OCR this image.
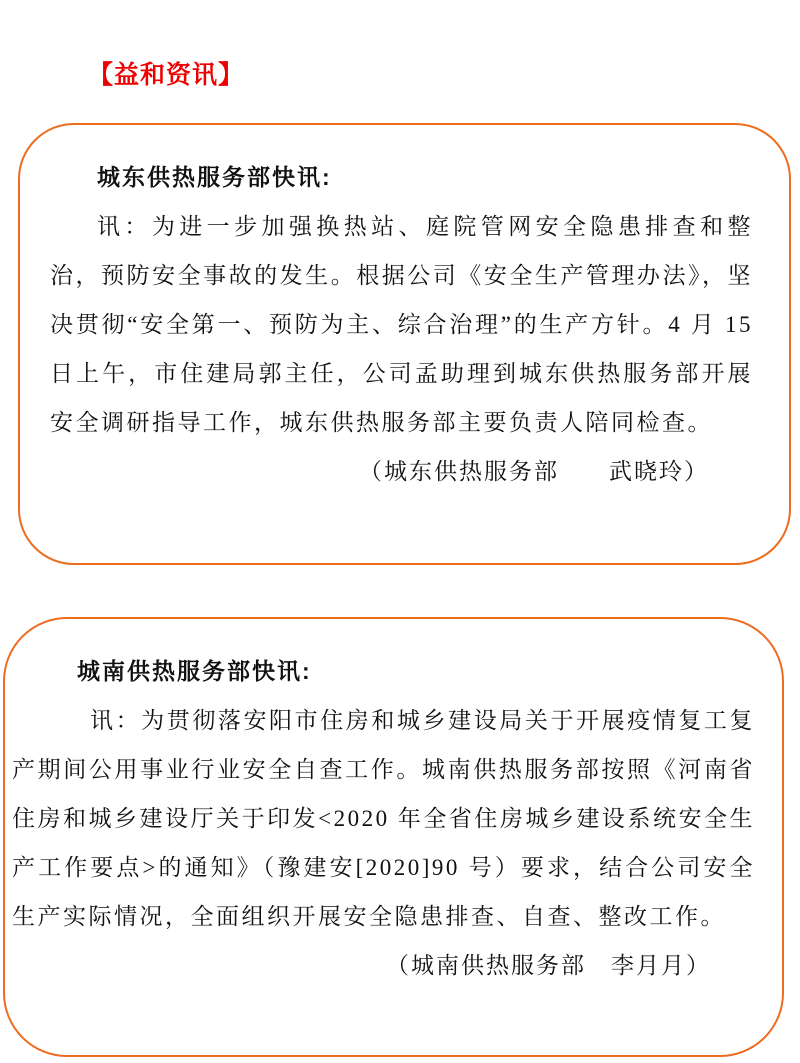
【益和资讯】
城东供热服务部快讯:

讯：为进一步加强换热站、庭院管网安全隐患排查和整治，预防安全事故的发生。根据公司《安全生产管理办法》，坚决贯彻“安全第一、预防为主、综合治理”的生产方针。4 月 15 日上午，市住建局郭主任，公司孟助理到城东供热服务部开展安全调研指导工作，城东供热服务部主要负责人陪同检查。

（城东供热服务部　　武晓玲）
城南供热服务部快讯:

讯：为贯彻落安阳市住房和城乡建设局关于开展疫情复工复产期间公用事业行业安全自查工作。城南供热服务部按照《河南省住房和城乡建设厅关于印发<2020 年全省住房城乡建设系统安全生产工作要点>的通知》（豫建安[2020]90 号）要求，结合公司安全生产实际情况，全面组织开展安全隐患排查、自查、整改工作。

（城南供热服务部　李月月）
